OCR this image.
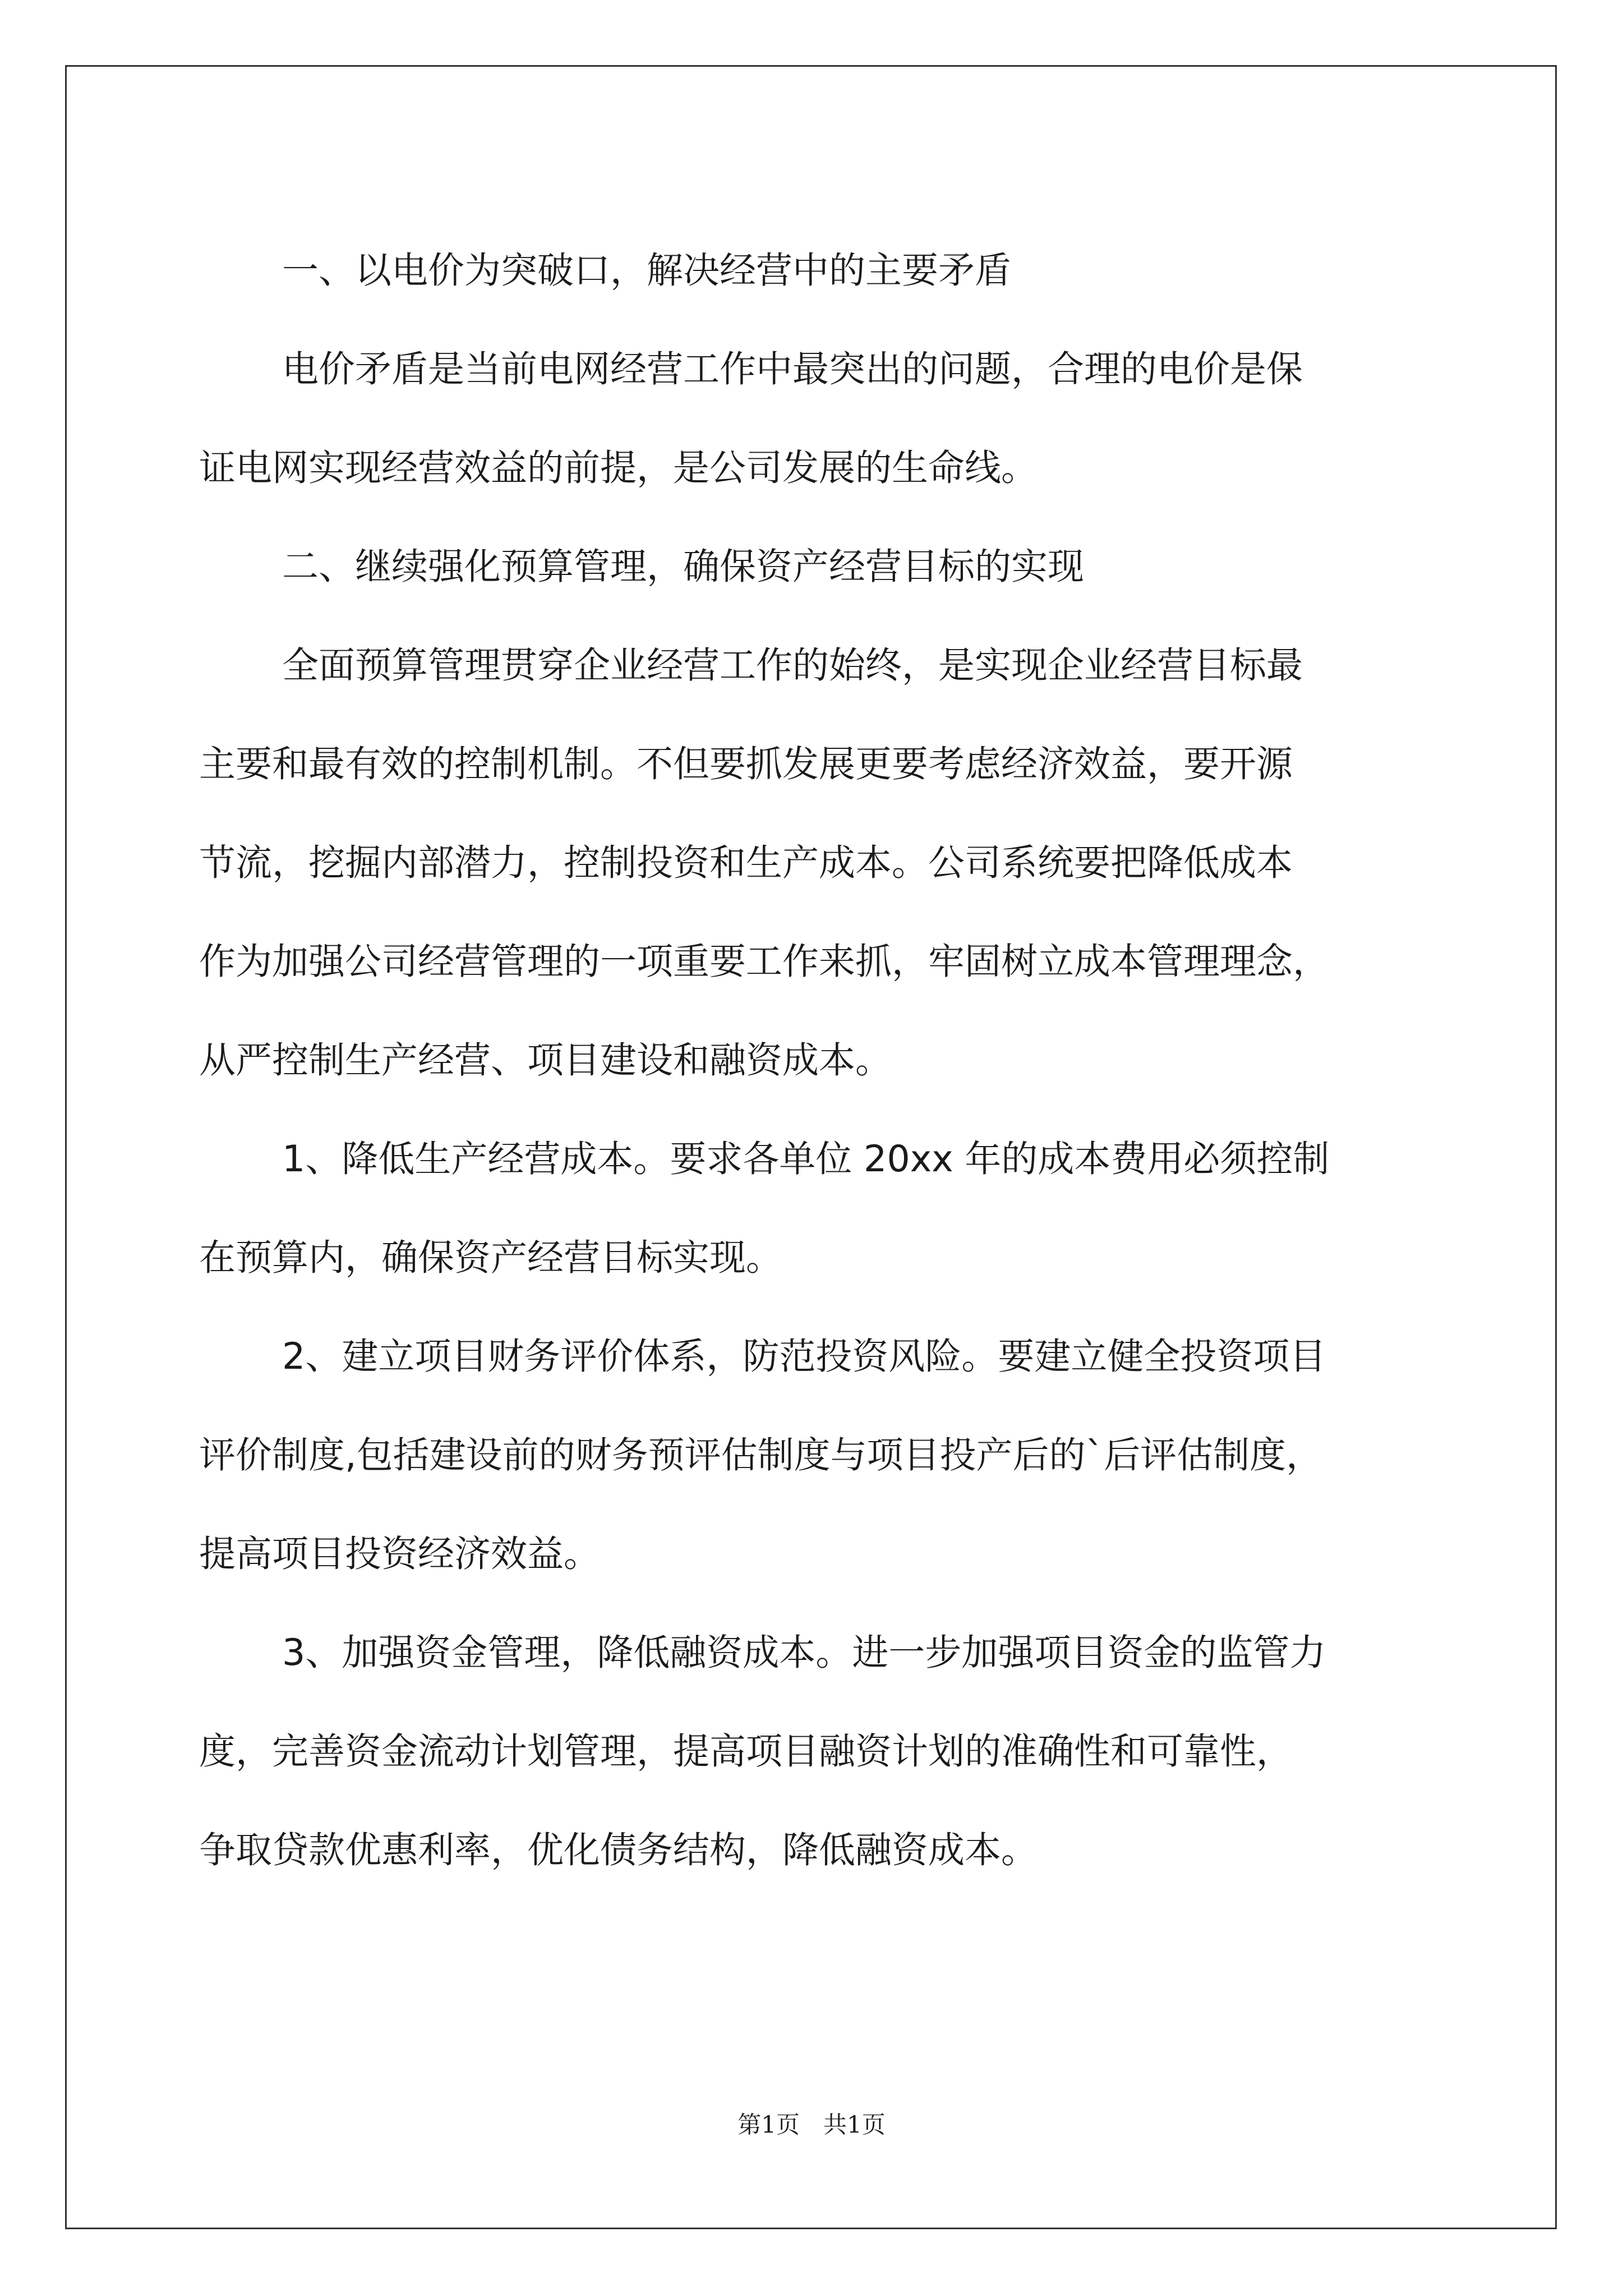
一、以电价为突破口，解决经营中的主要矛盾
电价矛盾是当前电网经营工作中最突出的问题，合理的电价是保
证电网实现经营效益的前提，是公司发展的生命线。
二、继续强化预算管理，确保资产经营目标的实现
全面预算管理贯穿企业经营工作的始终，是实现企业经营目标最
主要和最有效的控制机制。不但要抓发展更要考虑经济效益，要开源
节流，挖掘内部潜力，控制投资和生产成本。公司系统要把降低成本
作为加强公司经营管理的一项重要工作来抓，牢固树立成本管理理念，
从严控制生产经营、项目建设和融资成本。
1、降低生产经营成本。要求各单位 20xx 年的成本费用必须控制
在预算内，确保资产经营目标实现。
2、建立项目财务评价体系，防范投资风险。要建立健全投资项目
评价制度,包括建设前的财务预评估制度与项目投产后的`后评估制度，
提高项目投资经济效益。
3、加强资金管理，降低融资成本。进一步加强项目资金的监管力
度，完善资金流动计划管理，提高项目融资计划的准确性和可靠性，
争取贷款优惠利率，优化债务结构，降低融资成本。
第1页　共1页
